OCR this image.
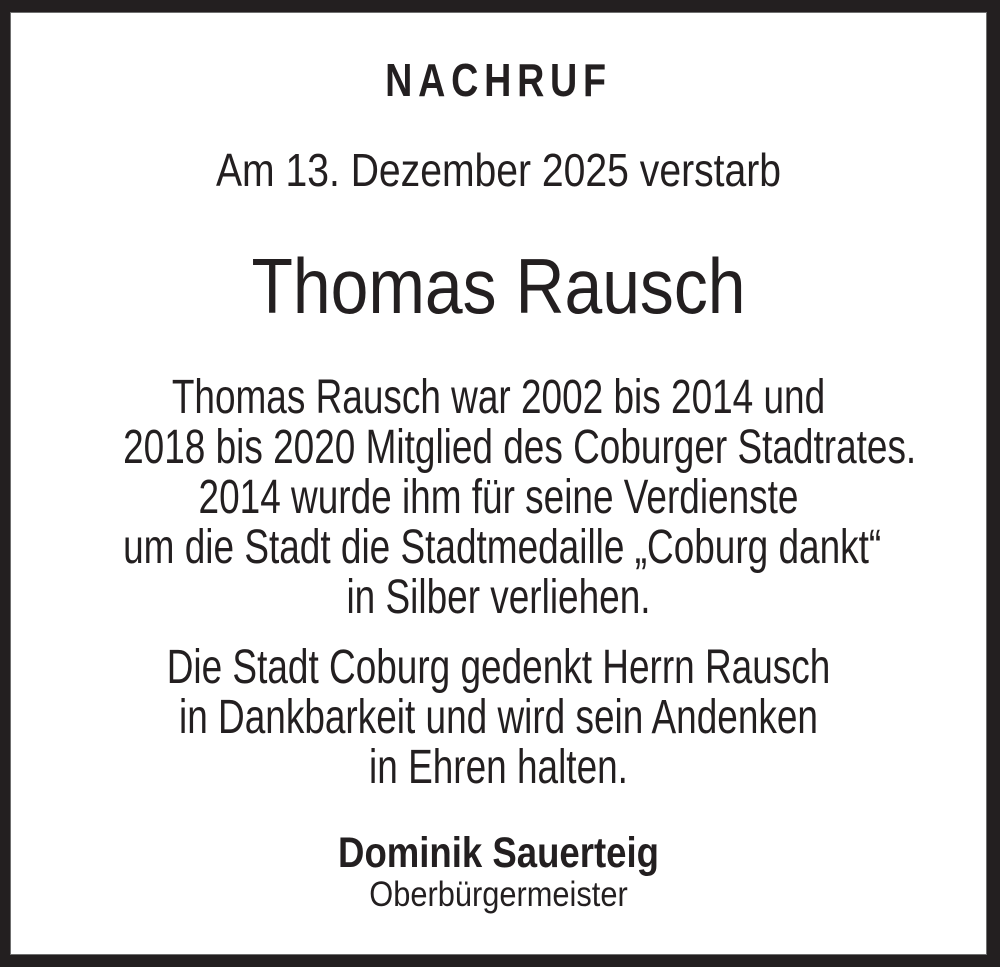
NACHRUF
Am 13. Dezember 2025 verstarb
Thomas Rausch
Thomas Rausch war 2002 bis 2014 und
2018 bis 2020 Mitglied des Coburger Stadtrates.
2014 wurde ihm für seine Verdienste
um die Stadt die Stadtmedaille „Coburg dankt“
in Silber verliehen.
Die Stadt Coburg gedenkt Herrn Rausch
in Dankbarkeit und wird sein Andenken
in Ehren halten.
Dominik Sauerteig
Oberbürgermeister
